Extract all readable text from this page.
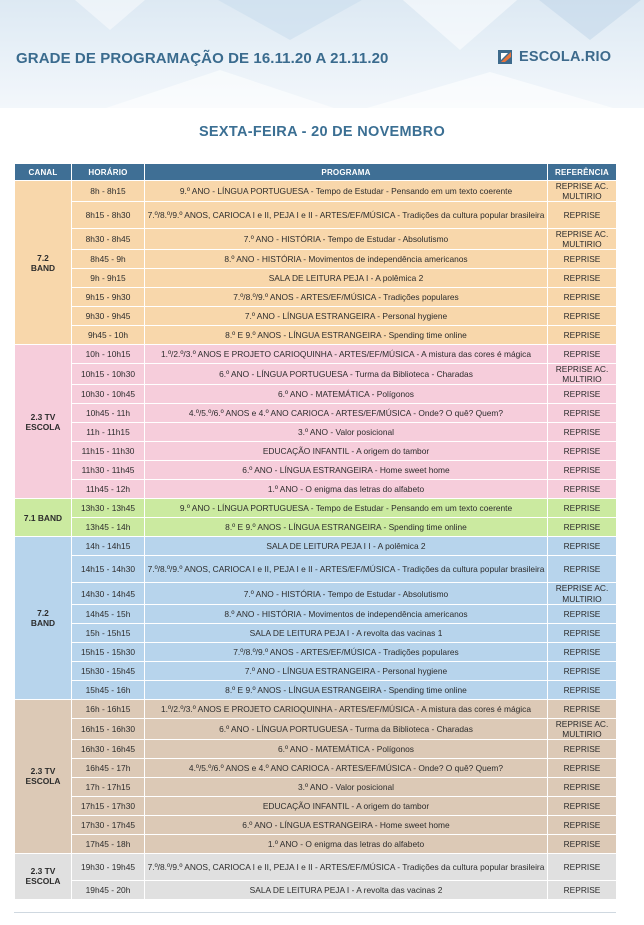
GRADE DE PROGRAMAÇÃO DE 16.11.20 A 21.11.20	ESCOLA.RIO
SEXTA-FEIRA - 20 DE NOVEMBRO
CANAL	HORÁRIO	PROGRAMA	REFERÊNCIA

7.2
BAND	8h - 8h15	9.º ANO - LÍNGUA PORTUGUESA - Tempo de Estudar - Pensando em um texto coerente	REPRISE AC. MULTIRIO
	8h15 - 8h30	7.º/8.º/9.º ANOS, CARIOCA I e II, PEJA I e II - ARTES/EF/MÚSICA - Tradições da cultura popular brasileira	REPRISE
	8h30 - 8h45	7.º ANO - HISTÓRIA - Tempo de Estudar - Absolutismo	REPRISE AC. MULTIRIO
	8h45 - 9h	8.º ANO - HISTÓRIA - Movimentos de independência americanos	REPRISE
	9h - 9h15	SALA DE LEITURA PEJA I - A polêmica 2	REPRISE
	9h15 - 9h30	7.º/8.º/9.º ANOS - ARTES/EF/MÚSICA - Tradições populares	REPRISE
	9h30 - 9h45	7.º ANO - LÍNGUA ESTRANGEIRA - Personal hygiene	REPRISE
	9h45 - 10h	8.º E 9.º ANOS - LÍNGUA ESTRANGEIRA - Spending time online	REPRISE

2.3 TV
ESCOLA	10h - 10h15	1.º/2.º/3.º ANOS E PROJETO CARIOQUINHA - ARTES/EF/MÚSICA - A mistura das cores é mágica	REPRISE
	10h15 - 10h30	6.º ANO - LÍNGUA PORTUGUESA - Turma da Biblioteca - Charadas	REPRISE AC. MULTIRIO
	10h30 - 10h45	6.º ANO - MATEMÁTICA - Polígonos	REPRISE
	10h45 - 11h	4.º/5.º/6.º ANOS e 4.º ANO CARIOCA - ARTES/EF/MÚSICA - Onde? O quê? Quem?	REPRISE
	11h - 11h15	3.º ANO - Valor posicional	REPRISE
	11h15 - 11h30	EDUCAÇÃO INFANTIL - A origem do tambor	REPRISE
	11h30 - 11h45	6.º ANO - LÍNGUA ESTRANGEIRA - Home sweet home	REPRISE
	11h45 - 12h	1.º ANO - O enigma das letras do alfabeto	REPRISE

7.1 BAND	13h30 - 13h45	9.º ANO - LÍNGUA PORTUGUESA - Tempo de Estudar - Pensando em um texto coerente	REPRISE
	13h45 - 14h	8.º E 9.º ANOS - LÍNGUA ESTRANGEIRA - Spending time online	REPRISE

7.2
BAND	14h - 14h15	SALA DE LEITURA PEJA I I - A polêmica 2	REPRISE
	14h15 - 14h30	7.º/8.º/9.º ANOS, CARIOCA I e II, PEJA I e II - ARTES/EF/MÚSICA - Tradições da cultura popular brasileira	REPRISE
	14h30 - 14h45	7.º ANO - HISTÓRIA - Tempo de Estudar - Absolutismo	REPRISE AC. MULTIRIO
	14h45 - 15h	8.º ANO - HISTÓRIA - Movimentos de independência americanos	REPRISE
	15h - 15h15	SALA DE LEITURA PEJA I - A revolta das vacinas 1	REPRISE
	15h15 - 15h30	7.º/8.º/9.º ANOS - ARTES/EF/MÚSICA - Tradições populares	REPRISE
	15h30 - 15h45	7.º ANO - LÍNGUA ESTRANGEIRA - Personal hygiene	REPRISE
	15h45 - 16h	8.º E 9.º ANOS - LÍNGUA ESTRANGEIRA - Spending time online	REPRISE

2.3 TV
ESCOLA	16h - 16h15	1.º/2.º/3.º ANOS E PROJETO CARIOQUINHA - ARTES/EF/MÚSICA - A mistura das cores é mágica	REPRISE
	16h15 - 16h30	6.º ANO - LÍNGUA PORTUGUESA - Turma da Biblioteca - Charadas	REPRISE AC. MULTIRIO
	16h30 - 16h45	6.º ANO - MATEMÁTICA - Polígonos	REPRISE
	16h45 - 17h	4.º/5.º/6.º ANOS e 4.º ANO CARIOCA - ARTES/EF/MÚSICA - Onde? O quê? Quem?	REPRISE
	17h - 17h15	3.º ANO - Valor posicional	REPRISE
	17h15 - 17h30	EDUCAÇÃO INFANTIL - A origem do tambor	REPRISE
	17h30 - 17h45	6.º ANO - LÍNGUA ESTRANGEIRA - Home sweet home	REPRISE
	17h45 - 18h	1.º ANO - O enigma das letras do alfabeto	REPRISE

2.3 TV
ESCOLA	19h30 - 19h45	7.º/8.º/9.º ANOS, CARIOCA I e II, PEJA I e II - ARTES/EF/MÚSICA - Tradições da cultura popular brasileira	REPRISE
	19h45 - 20h	SALA DE LEITURA PEJA I - A revolta das vacinas 2	REPRISE
